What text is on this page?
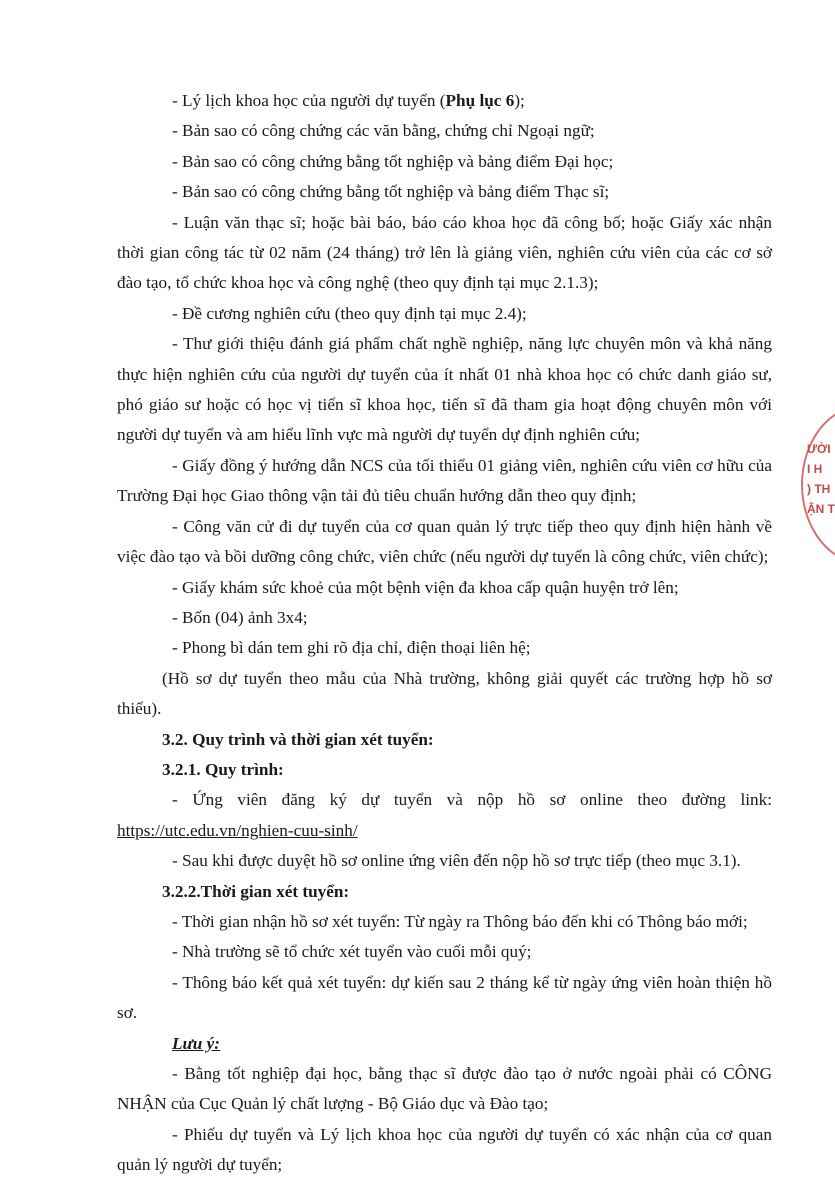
- Lý lịch khoa học của người dự tuyển (Phụ lục 6);

- Bản sao có công chứng các văn bằng, chứng chỉ Ngoại ngữ;

- Bản sao có công chứng bằng tốt nghiệp và bảng điểm Đại học;

- Bản sao có công chứng bằng tốt nghiệp và bảng điểm Thạc sĩ;

- Luận văn thạc sĩ; hoặc bài báo, báo cáo khoa học đã công bố; hoặc Giấy xác nhận thời gian công tác từ 02 năm (24 tháng) trở lên là giảng viên, nghiên cứu viên của các cơ sở đào tạo, tổ chức khoa học và công nghệ (theo quy định tại mục 2.1.3);

- Đề cương nghiên cứu (theo quy định tại mục 2.4);

- Thư giới thiệu đánh giá phẩm chất nghề nghiệp, năng lực chuyên môn và khả năng thực hiện nghiên cứu của người dự tuyển của ít nhất 01 nhà khoa học có chức danh giáo sư, phó giáo sư hoặc có học vị tiến sĩ khoa học, tiến sĩ đã tham gia hoạt động chuyên môn với người dự tuyển và am hiểu lĩnh vực mà người dự tuyển dự định nghiên cứu;

- Giấy đồng ý hướng dẫn NCS của tối thiểu 01 giảng viên, nghiên cứu viên cơ hữu của Trường Đại học Giao thông vận tải đủ tiêu chuẩn hướng dẫn theo quy định;

- Công văn cử đi dự tuyển của cơ quan quản lý trực tiếp theo quy định hiện hành về việc đào tạo và bồi dưỡng công chức, viên chức (nếu người dự tuyển là công chức, viên chức);

- Giấy khám sức khoẻ của một bệnh viện đa khoa cấp quận huyện trở lên;

- Bốn (04) ảnh 3x4;

- Phong bì dán tem ghi rõ địa chỉ, điện thoại liên hệ;

(Hồ sơ dự tuyển theo mẫu của Nhà trường, không giải quyết các trường hợp hồ sơ thiếu).

3.2. Quy trình và thời gian xét tuyển:

3.2.1. Quy trình:

- Ứng viên đăng ký dự tuyển và nộp hồ sơ online theo đường link: https://utc.edu.vn/nghien-cuu-sinh/

- Sau khi được duyệt hồ sơ online ứng viên đến nộp hồ sơ trực tiếp (theo mục 3.1).

3.2.2.Thời gian xét tuyển:

- Thời gian nhận hồ sơ xét tuyển: Từ ngày ra Thông báo đến khi có Thông báo mới;

- Nhà trường sẽ tổ chức xét tuyển vào cuối mỗi quý;

- Thông báo kết quả xét tuyển: dự kiến sau 2 tháng kể từ ngày ứng viên hoàn thiện hồ sơ.

Lưu ý:

- Bằng tốt nghiệp đại học, bằng thạc sĩ được đào tạo ở nước ngoài phải có CÔNG NHẬN của Cục Quản lý chất lượng - Bộ Giáo dục và Đào tạo;

- Phiếu dự tuyển và Lý lịch khoa học của người dự tuyển có xác nhận của cơ quan quản lý người dự tuyển;

ƯỜI
I H
) TH
ẬN T
